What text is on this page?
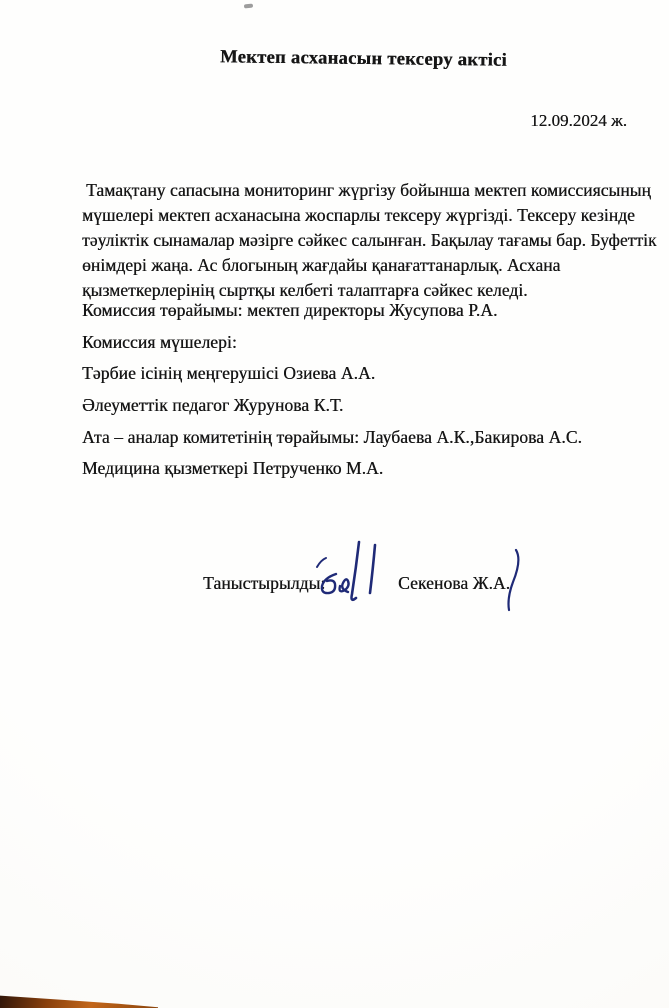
Мектеп асханасын тексеру актісі
12.09.2024 ж.
Тамақтану сапасына мониторинг жүргізу бойынша мектеп комиссиясының
мүшелері мектеп асханасына жоспарлы тексеру жүргізді. Тексеру кезінде
тәуліктік сынамалар мәзірге сәйкес салынған. Бақылау тағамы бар. Буфеттік
өнімдері жаңа. Ас блогының жағдайы қанағаттанарлық. Асхана
қызметкерлерінің сыртқы келбеті талаптарға сәйкес келеді.
Комиссия төрайымы: мектеп директоры Жусупова Р.А.
Комиссия мүшелері:
Тәрбие ісінің меңгерушісі Озиева А.А.
Әлеуметтік педагог Журунова К.Т.
Ата – аналар комитетінің төрайымы: Лаубаева А.К.,Бакирова А.С.
Медицина қызметкері Петрученко М.А.
Таныстырылды:	Секенова Ж.А.
